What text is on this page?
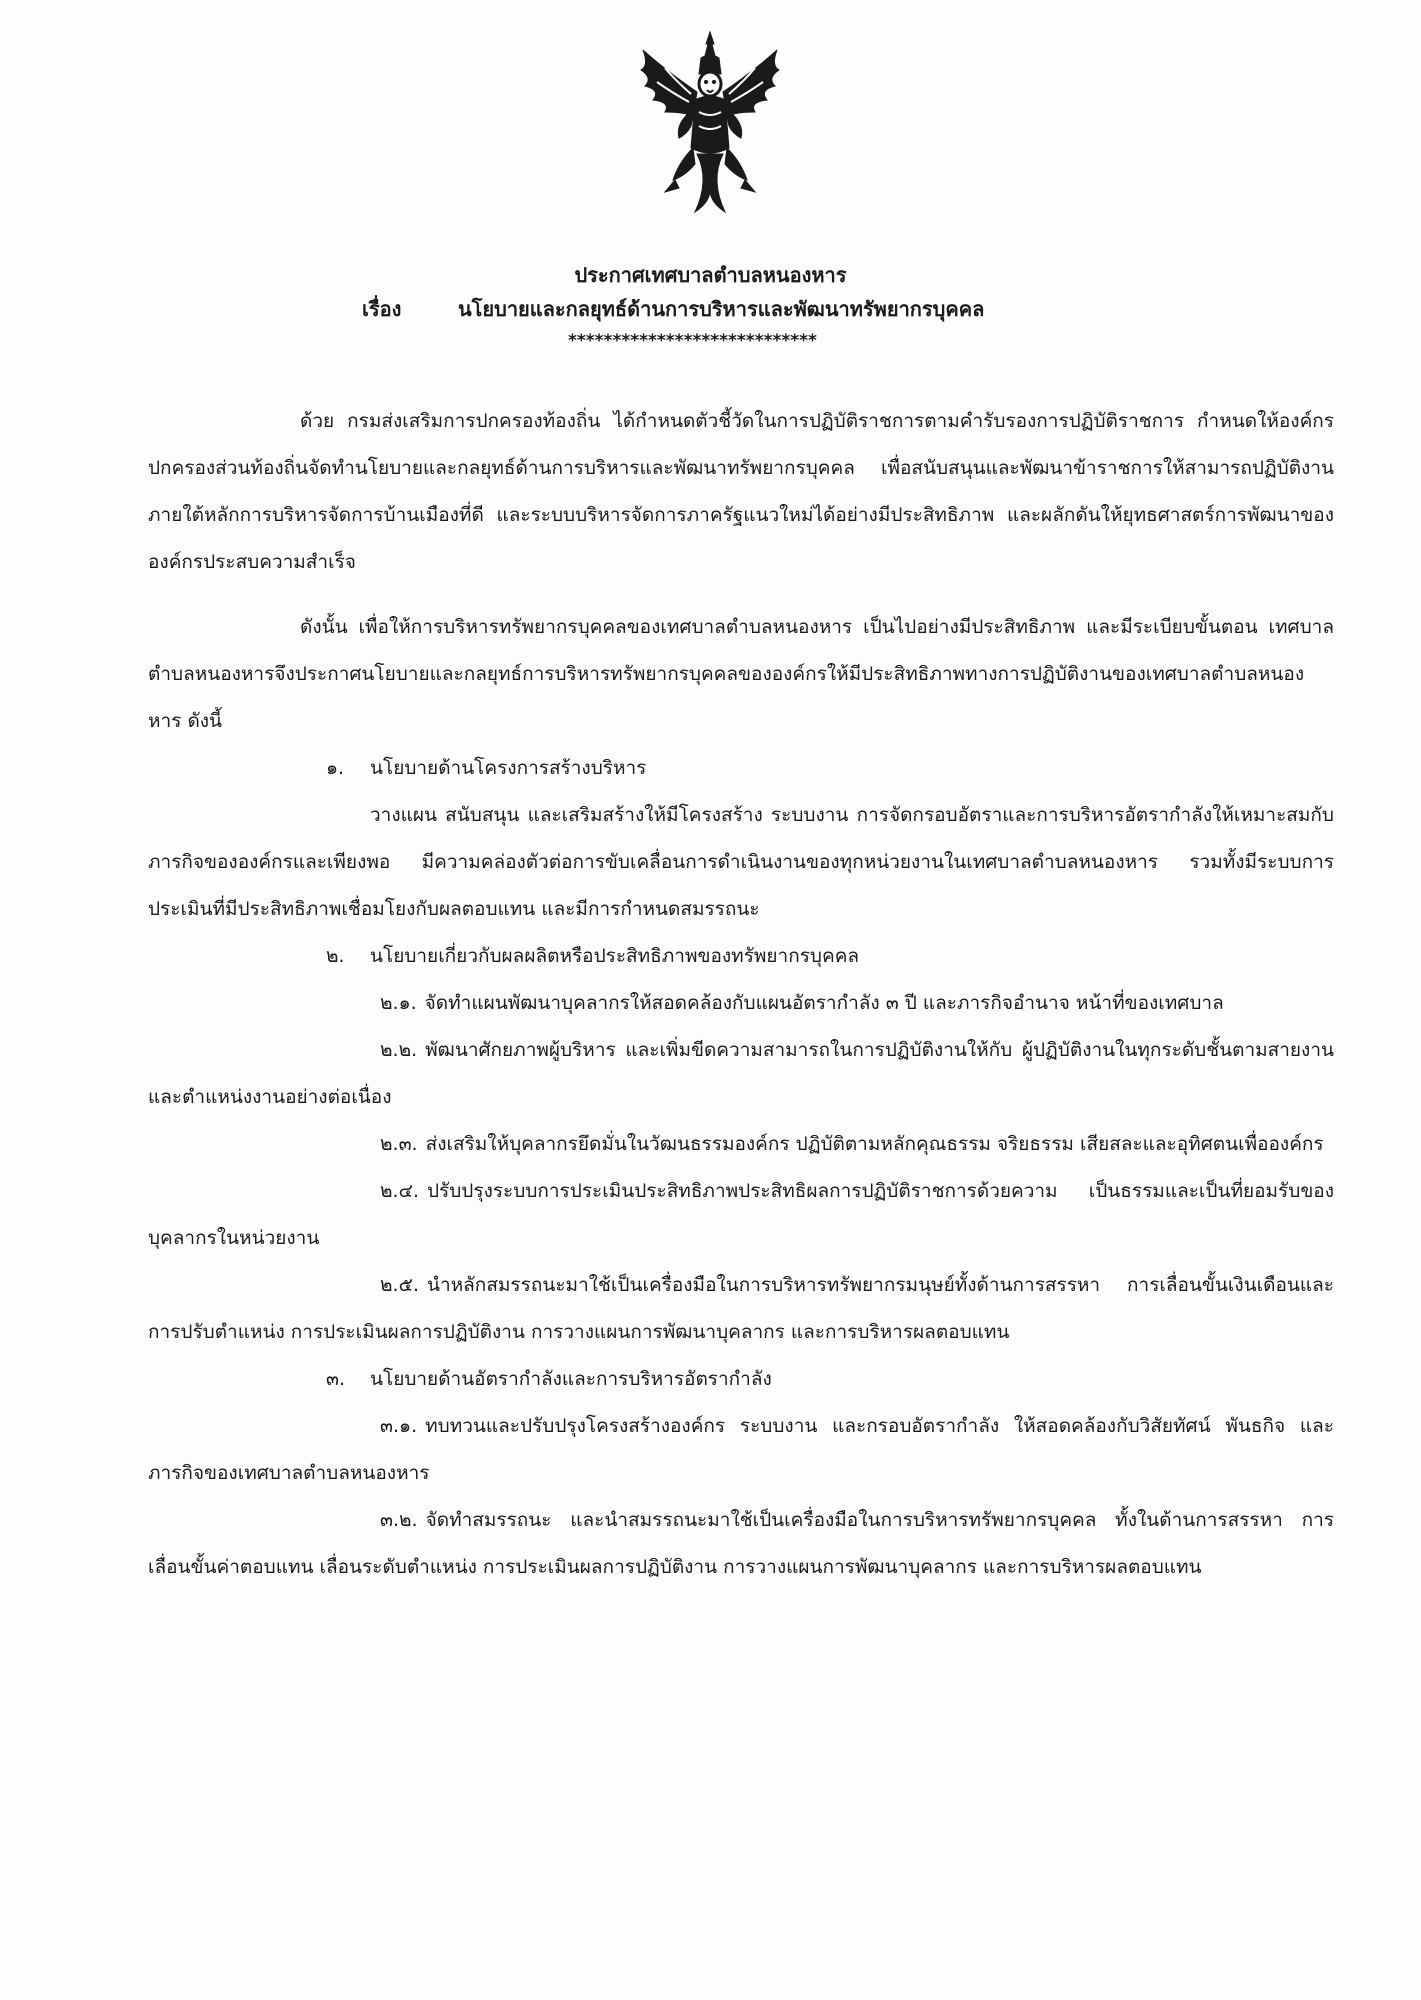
ประกาศเทศบาลตำบลหนองหาร
เรื่อง	นโยบายและกลยุทธ์ด้านการบริหารและพัฒนาทรัพยากรบุคคล
****************************

ด้วย กรมส่งเสริมการปกครองท้องถิ่น ได้กำหนดตัวชี้วัดในการปฏิบัติราชการตามคำรับรองการปฏิบัติราชการ กำหนดให้องค์กรปกครองส่วนท้องถิ่นจัดทำนโยบายและกลยุทธ์ด้านการบริหารและพัฒนาทรัพยากรบุคคล เพื่อสนับสนุนและพัฒนาข้าราชการให้สามารถปฏิบัติงานภายใต้หลักการบริหารจัดการบ้านเมืองที่ดี และระบบบริหารจัดการภาครัฐแนวใหม่ได้อย่างมีประสิทธิภาพ และผลักดันให้ยุทธศาสตร์การพัฒนาขององค์กรประสบความสำเร็จ

ดังนั้น เพื่อให้การบริหารทรัพยากรบุคคลของเทศบาลตำบลหนองหาร เป็นไปอย่างมีประสิทธิภาพ และมีระเบียบขั้นตอน เทศบาลตำบลหนองหารจึงประกาศนโยบายและกลยุทธ์การบริหารทรัพยากรบุคคลขององค์กรให้มีประสิทธิภาพทางการปฏิบัติงานของเทศบาลตำบลหนองหาร ดังนี้

๑. นโยบายด้านโครงการสร้างบริหาร

วางแผน สนับสนุน และเสริมสร้างให้มีโครงสร้าง ระบบงาน การจัดกรอบอัตราและการบริหารอัตรากำลังให้เหมาะสมกับภารกิจขององค์กรและเพียงพอ มีความคล่องตัวต่อการขับเคลื่อนการดำเนินงานของทุกหน่วยงานในเทศบาลตำบลหนองหาร รวมทั้งมีระบบการประเมินที่มีประสิทธิภาพเชื่อมโยงกับผลตอบแทน และมีการกำหนดสมรรถนะ

๒. นโยบายเกี่ยวกับผลผลิตหรือประสิทธิภาพของทรัพยากรบุคคล

๒.๑. จัดทำแผนพัฒนาบุคลากรให้สอดคล้องกับแผนอัตรากำลัง ๓ ปี และภารกิจอำนาจ หน้าที่ของเทศบาล

๒.๒. พัฒนาศักยภาพผู้บริหาร และเพิ่มขีดความสามารถในการปฏิบัติงานให้กับ ผู้ปฏิบัติงานในทุกระดับชั้นตามสายงานและตำแหน่งงานอย่างต่อเนื่อง

๒.๓. ส่งเสริมให้บุคลากรยึดมั่นในวัฒนธรรมองค์กร ปฏิบัติตามหลักคุณธรรม จริยธรรม เสียสละและอุทิศตนเพื่อองค์กร

๒.๔. ปรับปรุงระบบการประเมินประสิทธิภาพประสิทธิผลการปฏิบัติราชการด้วยความ เป็นธรรมและเป็นที่ยอมรับของบุคลากรในหน่วยงาน

๒.๕. นำหลักสมรรถนะมาใช้เป็นเครื่องมือในการบริหารทรัพยากรมนุษย์ทั้งด้านการสรรหา การเลื่อนขั้นเงินเดือนและการปรับตำแหน่ง การประเมินผลการปฏิบัติงาน การวางแผนการพัฒนาบุคลากร และการบริหารผลตอบแทน

๓. นโยบายด้านอัตรากำลังและการบริหารอัตรากำลัง

๓.๑. ทบทวนและปรับปรุงโครงสร้างองค์กร ระบบงาน และกรอบอัตรากำลัง ให้สอดคล้องกับวิสัยทัศน์ พันธกิจ และภารกิจของเทศบาลตำบลหนองหาร

๓.๒. จัดทำสมรรถนะ และนำสมรรถนะมาใช้เป็นเครื่องมือในการบริหารทรัพยากรบุคคล ทั้งในด้านการสรรหา การเลื่อนขั้นค่าตอบแทน เลื่อนระดับตำแหน่ง การประเมินผลการปฏิบัติงาน การวางแผนการพัฒนาบุคลากร และการบริหารผลตอบแทน
